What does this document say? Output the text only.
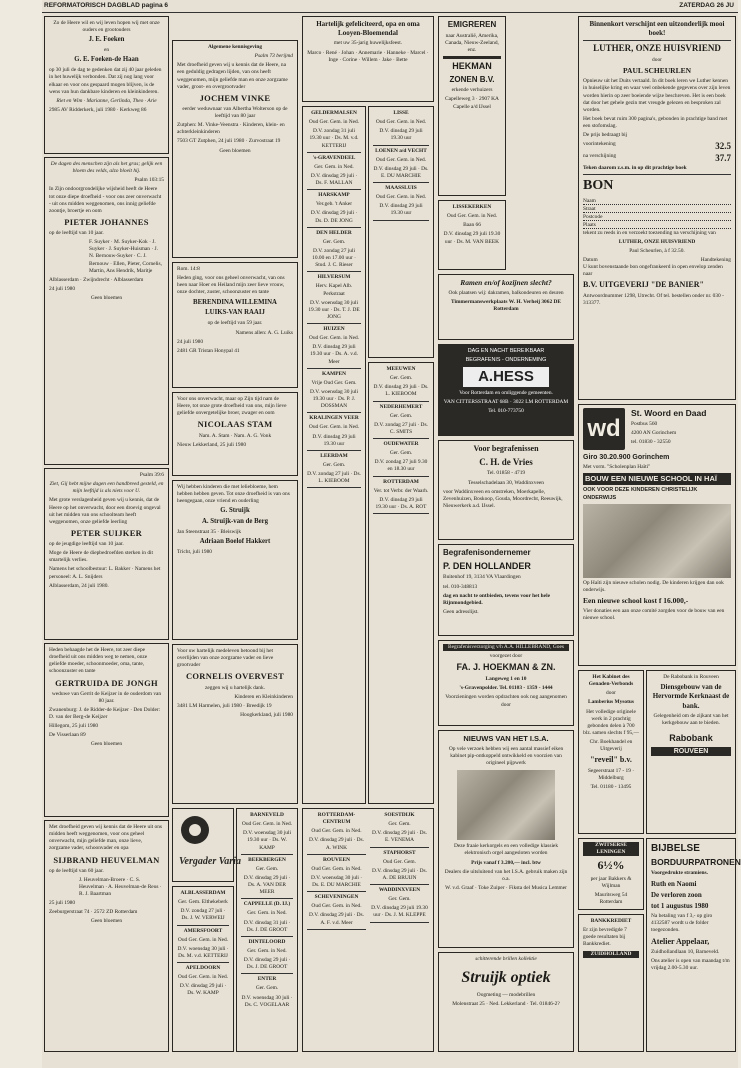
REFORMATORISCH DAGBLAD pagina 6	ZATERDAG 26 JU

Zo de Heere wil en wij leven hopen wij met onze ouders en grootouders

J. E. Foeken

en

G. E. Foeken-de Haan

op 30 juli de dag te gedenken dat zij 40 jaar geleden in het huwelijk verbonden. Dat zij nog lang voor elkaar en voor ons gespaard mogen blijven, is de wens van hun dankbare kinderen en kleinkinderen.

Riet en Wim · Marianne, Gerlinda, Theo · Arie

2985 AV Ridderkerk, juli 1980 · Kerkweg 86

De dagen des menschen zijn als het gras; gelijk een bloem des velds, alzo bloeit hij.

Psalm 103:15

In Zijn ondoorgrondelijke wijsheid heeft de Heere tot onze diepe droefheid - voor ons zeer onverwacht - uit ons midden weggenomen, ons innig geliefde zoontje, broertje en oom

PIETER JOHANNES

op de leeftijd van 10 jaar.

F. Suyker · M. Suyker-Kok · J. Suyker · J. Suyker-Huisman · J. N. Bernouw-Suyker · C. J. Bernouw · Ellen, Pieter, Cornelis, Martin, Ans Hendrik, Maritje

Alblasserdam · Zwijndrecht · Alblasserdam

24 juli 1980

Geen bloemen

Psalm 39:6

Ziet, Gij hebt mijne dagen een handbreed gesteld, en mijn leeftijd is als niets voor U.

Met grote verslagenheid geven wij u kennis, dat de Heere op het onverwacht, door een droevig ongeval uit het midden van ons schoolteam heeft weggenomen, onze geliefde leerling

PETER SUIJKER

op de jeugdige leeftijd van 10 jaar.

Moge de Heere de diepbedroefden sterken in dit smartelijk verlies.

Namens het schoolbestuur: L. Bakker · Namens het personeel: A. L. Snijders

Alblasserdam, 24 juli 1980.

Heden behaagde het de Heere, tot zeer diepe droefheid uit ons midden weg te nemen, onze geliefde moeder, schoonmoeder, oma, tante, schoonzuster en tante

GERTRUIDA DE JONGH

weduwe van Gerrit de Keijzer in de ouderdom van 80 jaar.

Zwanenburg: J. de Ridder-de Keijzer · Den Dolder: D. van der Berg-de Keijzer

Hillegom, 25 juli 1980

De Visserlaan 89

Geen bloemen

Met droefheid geven wij kennis dat de Heere uit ons midden heeft weggenomen, voor ons geheel onverwacht, mijn geliefde man, onze lieve, zorgzame vader, schoonvader en opa

SIJBRAND HEUVELMAN

op de leeftijd van 60 jaar.

J. Heuvelman-Broere · C. S. Heuvelman · A. Heuvelman-de Reus · R. J. Baartman

25 juli 1980

Zeeburgerstraat 74 · 2572 ZD Rotterdam

Geen bloemen

Algemene kennisgeving

Psalm 73 berijmd

Met droefheid geven wij u kennis dat de Heere, na een geduldig gedragen lijden, van ons heeft weggenomen, mijn geliefde man en onze zorgzame vader, groot- en overgrootvader

JOCHEM VINKE

eerder weduwnaar van Albertha Wolterson op de leeftijd van 80 jaar

Zutphen: M. Vinke-Veenstra · Kinderen, klein- en achterkleinkinderen

7503 GT Zutphen, 24 juli 1980 · Zurvostraat 19

Geen bloemen

Rom. 14:8

Heden ging, voor ons geheel onverwacht, van ons heen naar Hoer en Heiland mijn zeer lieve vrouw, onze dochter, zuster, schoonzuster en tante

BERENDINA WILLEMINA

LUIKS-VAN RAAIJ

op de leeftijd van 59 jaar.

Namens allen: A. G. Luiks

24 juli 1980

2481 GR Tristan Honypal 41

Voor ons onverwacht, maar op Zijn tijd nam de Heere, tot onze grote droefheid van ons, mijn lieve geliefde onvergetelijke broer, zwager en oom

NICOLAAS STAM

Nam. A. Stam · Nam. A. G. Vonk

Nieuw Lekkerland, 25 juli 1980

Wij hebben kinderen die met leliebloeme, hem hebben hebben geven. Tot onze droefheid is van ons heengegaan, onze vriend en ouderling

G. Struijk

A. Struijk-van de Berg

Jan Steenstraat 35 · Bleiswijk

Adriaan Boelof Hakkert

Tricht, juli 1980

Voor uw hartelijk medeleven betoond bij het overlijden van onze zorgzame vader en lieve grootvader

CORNELIS OVERVEST

zeggen wij u hartelijk dank.

Kinderen en Kleinkinderen

3481 LM Harmelen, juli 1980 · Breedijk 19

Hoogkerkland, juli 1980

Vergader Varia

ALBLASSERDAM

Ger. Gem. Elthekeberk

D.V. zondag 27 juli · Ds. J. W. VERWEIJ

AMERSFOORT

Oud Ger. Gem. in Ned.

D.V. woensdag 30 juli · Ds. M. v.d. KETTERIJ

APELDOORN

Oud Ger. Gem. in Ned.

D.V. dinsdag 29 juli · Ds. W. KAMP

BARNEVELD

Oud Ger. Gem. in Ned.

D.V. woensdag 30 juli 19.30 uur · Ds. W. KAMP

BEEKBERGEN

Ger. Gem.

D.V. dinsdag 29 juli · Ds. A. VAN DER MEER

CAPPELLE (D. IJ.)

Ger. Gem. in Ned.

D.V. dinsdag 31 juli · Ds. J. DE GROOT

DINTELOORD

Ger. Gem. in Ned.

D.V. dinsdag 29 juli · Ds. J. DE GROOT

ENTER

Ger. Gem.

D.V. woensdag 30 juli · Ds. C. VOGELAAR

Hartelijk gefeliciteerd, opa en oma Looyen-Bloemendal

met uw 35-jarig huwelijksfeest.

Marco · René · Johan · Annemarie · Hanneke · Marcel · Inge · Corine · Willem · Jake · Bette

GELDERMALSEN

Oud Ger. Gem. in Ned.

D.V. zondag 31 juli 19.30 uur · Ds. M. v.d. KETTERIJ

's-GRAVENDEEL

Ger. Gem. in Ned.

D.V. dinsdag 29 juli · Ds. F. MALLAN

HARSKAMP

Ver.geb. 't Anker

D.V. dinsdag 29 juli · Ds. D. DE JONG

DEN HELDER

Ger. Gem.

D.V. zondag 27 juli 10.00 en 17.00 uur · Stud. J. C. Rieser

HILVERSUM

Herv. Kapel Alb. Perkstraat

D.V. woensdag 30 juli 19.30 uur · Ds. T. J. DE JONG

HUIZEN

Oud Ger. Gem. in Ned.

D.V. dinsdag 29 juli 19.30 uur · Ds. A. v.d. Meer

KAMPEN

Vrije Oud Ger. Gem.

D.V. woensdag 30 juli 19.30 uur · Ds. P. J. DOSSMAN

KRALINGEN VEER

Oud Ger. Gem. in Ned.

D.V. dinsdag 29 juli 19.30 uur

LEERDAM

Ger. Gem.

D.V. zondag 27 juli · Ds. L. KIEBOOM

LISSE

Oud Ger. Gem. in Ned.

D.V. dinsdag 29 juli 19.30 uur

LOENEN a/d VECHT

Oud Ger. Gem. in Ned.

D.V. dinsdag 29 juli · Ds. E. DU MARCHIE

MAASSLUIS

Oud Ger. Gem. in Ned.

D.V. dinsdag 29 juli 19.30 uur

MEEUWEN

Ger. Gem.

D.V. dinsdag 29 juli · Ds. L. KIEBOOM

NEDERHEMERT

Ger. Gem.

D.V. zondag 27 juli · Ds. C. SMITS

OUDEWATER

Ger. Gem.

D.V. zondag 27 juli 9.30 en 18.30 uur

ROTTERDAM

Ver. tot Verbr. der Waarh.

D.V. dinsdag 29 juli 19.30 uur · Ds. A. ROT

ROTTERDAM-CENTRUM

Oud Ger. Gem. in Ned.

D.V. dinsdag 29 juli · Ds. A. WINK

ROUVEEN

Oud Ger. Gem. in Ned.

D.V. woensdag 30 juli · Ds. E. DU MARCHIE

SCHEVENINGEN

Oud Ger. Gem. in Ned.

D.V. dinsdag 29 juli · Ds. A. F. v.d. Meer

SOESTDIJK

Ger. Gem.

D.V. dinsdag 29 juli · Ds. E. VENEMA

STAPHORST

Oud Ger. Gem.

D.V. dinsdag 29 juli · Ds. A. DE BRUIJN

WADDINXVEEN

Ger. Gem.

D.V. dinsdag 29 juli 19.30 uur · Ds. J. M. KLEPPE

EMIGREREN

naar Australië, Amerika, Canada, Nieuw-Zeeland, enz.

HEKMAN

ZONEN B.V.

erkende verhuizers

Capelleweg 3 · 2907 KA Capelle a/d IJssel

LISSEKERKEN

Oud Ger. Gem. in Ned.

Baan 66

D.V. dinsdag 29 juli 19.30 uur · Ds. M. VAN BEEK

Ramen en/of kozijnen slecht?

Ook plaatsen wij: dakramen, balkondeuren en deuren

Timmermanswerkplaats W. H. Verheij 3062 DE Rotterdam

DAG EN NACHT BEREIKBAAR

BEGRAFENIS - ONDERNEMING

A.HESS

Voor Rotterdam en omliggende gemeenten.

VAN CITTERSSTRAAT 68B · 3022 LM ROTTERDAM

Tel. 010-773750

Voor begrafenissen

C. H. de Vries

Tel. 01858 - 4719

Tesselschadelaan 30, Waddinxveen

voor Waddinxveen en omstreken, Moerkapelle, Zevenhuizen, Boskoop, Gouda, Moordrecht, Reeuwijk, Nieuwerkerk a.d. IJssel.

Begrafenisondernemer

P. DEN HOLLANDER

Buitenhof 19, 3134 VA Vlaardingen

tel. 010-348813

dag en nacht te ontbieden, tevens voor het hele Rijnmondgebied.

Geen adresslijst.

Begrafenisverzorging v/h A.A. HILLEBRAND, Goes

voorgezet door

FA. J. HOEKMAN & ZN.

Langeweg 1 en 10

's-Gravenpolder. Tel. 01103 - 1359 - 1444

Voorzieningen worden opdrachten ook nog aangenomen door

NIEUWS VAN HET I.S.A.

Op vele verzoek hebben wij een aantal massief eiken kabinet pip-ontkoppeld ontwikkeld en voorzien van origineel pijpwerk

Deze fraaie kerkorgels en een volledige klassiek elektronisch orgel aangesloten worden

Prijs vanaf f 3.200,— incl. btw

Dealers die uitsluitend van het I.S.A. gebruik maken zijn o.a.

W. v.d. Graaf · Toke Zuiper · Fiksta del Musica Lemmer

schitterende brillen kollektie

Struijk optiek

Oogmeting — modebrillen

Molenstraat 25 · Ned. Lekkerland · Tel. 01846-2?

Binnenkort verschijnt een uitzonderlijk mooi boek!

LUTHER, ONZE HUISVRIEND

door

PAUL SCHEURLEN

Opnieuw uit het Duits vertaald. In dit boek leren we Luther kennen in huiselijke kring en waar veel onbekende gegevens over zijn leven worden hierin op zeer boeiende wijze beschreven. Het is een boek dat door het gehele gezin met vreugde gelezen en besproken zal worden.

Het boek bevat ruim 300 pagina's, gebonden in prachtige band met een stofomslag.

De prijs bedraagt bij

voorintekening	32.5
na verschijning	37.7

Teken daarom z.s.m. in op dit prachtige boek

BON

Naam
Straat
Postcode
Plaats

tekent zu reeds in en verzoekt toezending na verschijning van

LUTHER, ONZE HUISVRIEND

Paul Scheurlen, à f 32.50.

Datum	Handtekening

U kunt bovenstaande bon ongefrankeerd in open envelop zenden naar

B.V. UITGEVERIJ "DE BANIER"

Antwoordnummer 1298, Utrecht. Of tel. bestellen onder nr. 030 - 313377.

wd

St. Woord en Daad

Postbus 560

4200 AN Gorinchem

tel. 01830 - 32550

Giro 30.20.900 Gorinchem

Met vorm. "Scholenplan Haïti"

BOUW EEN NIEUWE SCHOOL IN HAÏ

OOK VOOR DEZE KINDEREN CHRISTELIJK ONDERWIJS

Op Haïti zijn nieuwe scholen nodig. De kinderen krijgen dan ook onderwijs.

Een nieuwe school kost f 16.000,-

Vier donaties een aan onze comité zorgden voor de bouw van een nieuwe school.

Het Kabinet des Genaden-Verbonds

door

Lamberius Mysotus

Het volledige originele werk in 2 prachtig gebonden delen à 700 blz. samen slechts f 95,—

Chr. Boekhandel en Uitgeverij

"reveil" b.v.

Segeerstraat 17 - 19 · Middelburg

Tel. 01180 - 13495

De Rabobank in Rouveen

Diensgebouw van de Hervormde Kerknaast de bank.

Gelegenheid om de zijkant van het kerkgebouw aan te bieden.

Rabobank

ROUVEEN

ZWITSERSE LENINGEN

6½%

per jaar Bakkers & Wijlman

Mauritsweg 54 Rotterdam

BANKKREDIET

Er zijn bevredigde 7 goede resultaten bij Bankkrediet.

ZUIDHOLLAND

BIJBELSE

BORDUURPATRONEN

Voorgedrukte stramiens.

Ruth en Naomi

De verloren zoon

tot 1 augustus 1980

Na betaling van f 3,- op giro 4132587 wordt u de folder toegezonden.

Atelier Appelaar,

Zuidhollandlaan 10, Barneveld.

Ons atelier is open van maandag t/m vrijdag 2.00-5.30 uur.
